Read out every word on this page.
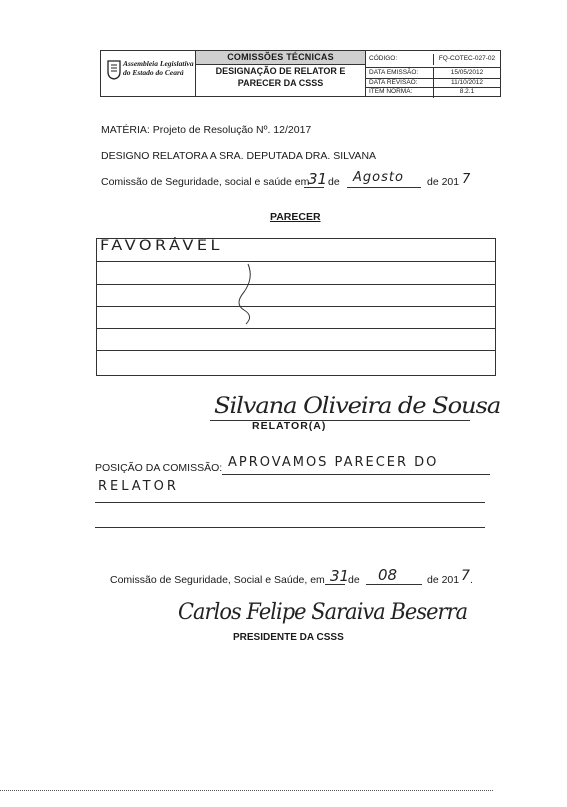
Assembleia Legislativa
do Estado do Ceará
COMISSÕES TÉCNICAS
DESIGNAÇÃO DE RELATOR E
PARECER DA CSSS
CÓDIGO:	FQ-COTEC-027-02
DATA EMISSÃO:	15/05/2012
DATA REVISÃO:	11/10/2012
ITEM NORMA:	8.2.1
MATÉRIA: Projeto de Resolução Nº. 12/2017
DESIGNO RELATORA A SRA. DEPUTADA DRA. SILVANA
Comissão de Seguridade, social e saúde em
31 de Agosto de 201 7
PARECER
FAVORÁVEL
Silvana Oliveira de Sousa
RELATOR(A)
POSIÇÃO DA COMISSÃO: APROVAMOS PARECER DO
RELATOR
Comissão de Seguridade, Social e Saúde, em 31
de 08	de 201 7 .
Carlos Felipe Saraiva Beserra
PRESIDENTE DA CSSS
